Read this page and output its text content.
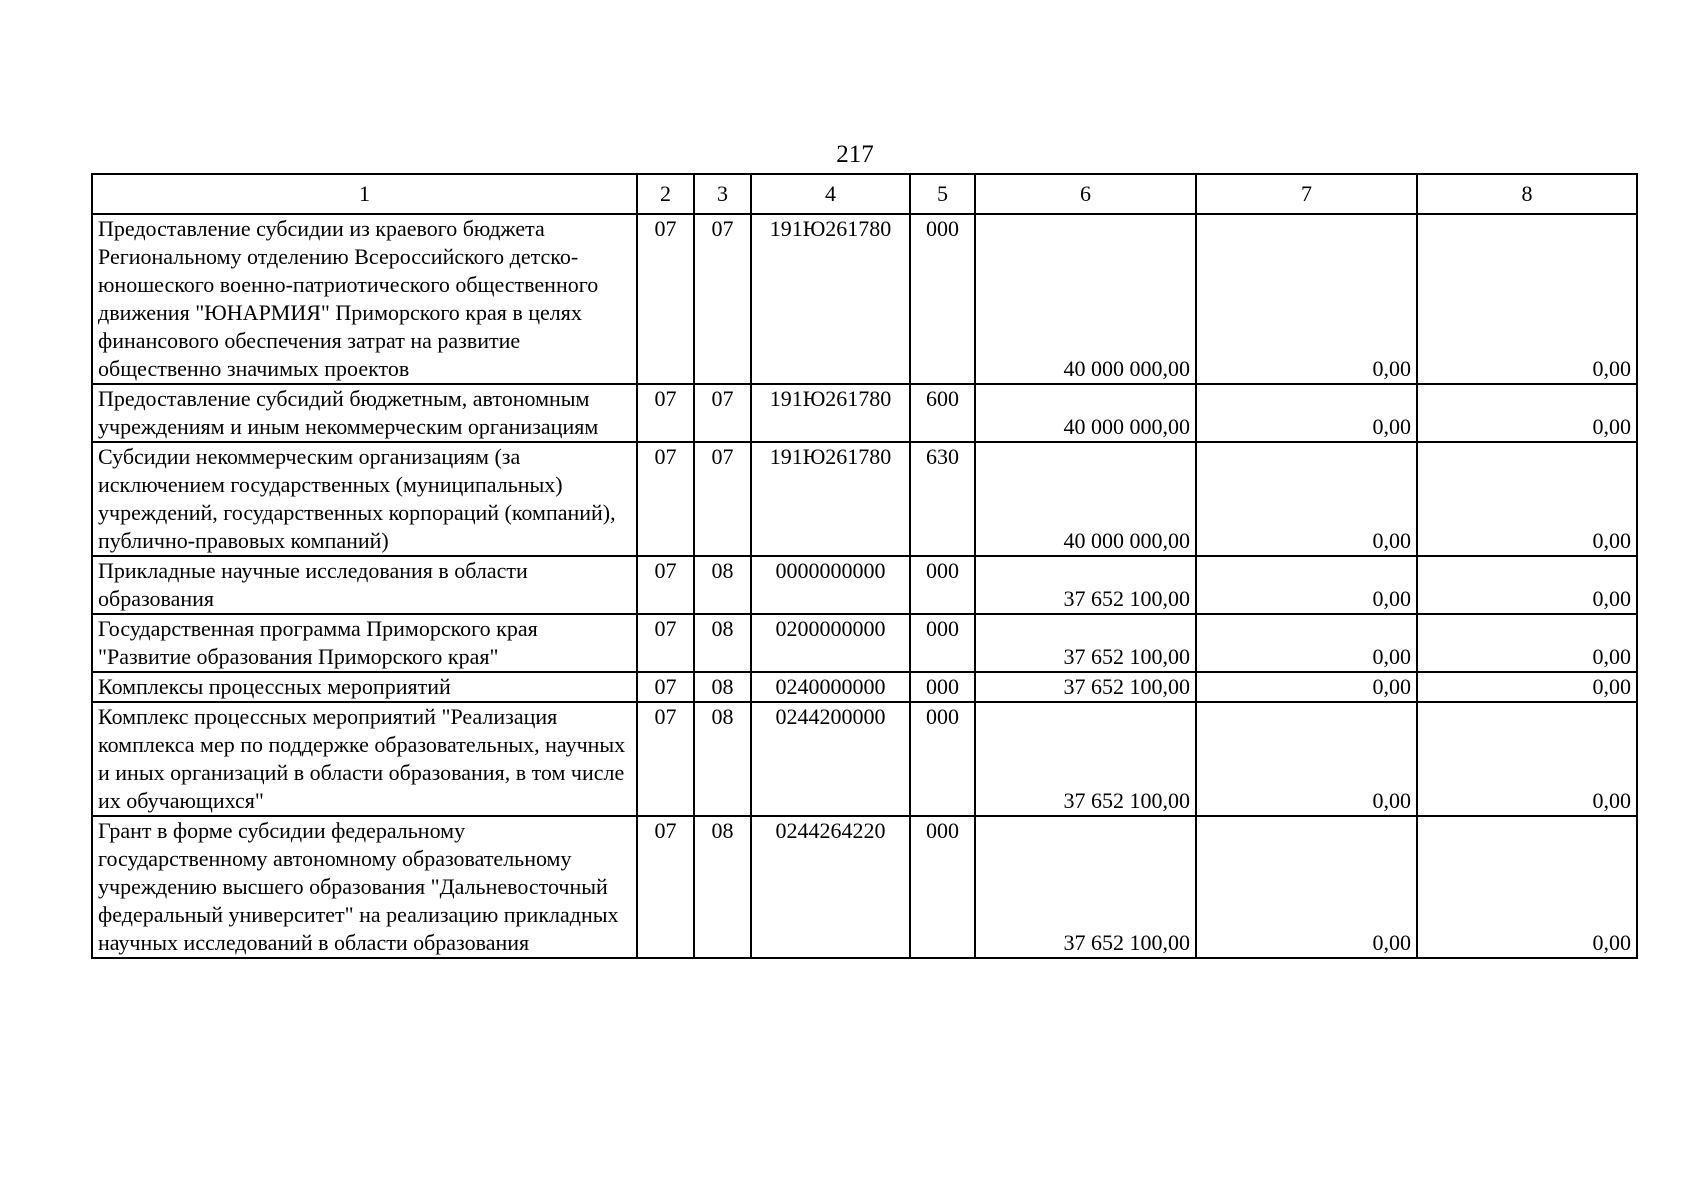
217
1	2	3	4	5	6	7	8
Предоставление субсидии из краевого бюджета Региональному отделению Всероссийского детско-юношеского военно-патриотического общественного движения "ЮНАРМИЯ" Приморского края в целях финансового обеспечения затрат на развитие общественно значимых проектов	07	07	191Ю261780	000	40 000 000,00	0,00	0,00
Предоставление субсидий бюджетным, автономным учреждениям и иным некоммерческим организациям	07	07	191Ю261780	600	40 000 000,00	0,00	0,00
Субсидии некоммерческим организациям (за исключением государственных (муниципальных) учреждений, государственных корпораций (компаний), публично-правовых компаний)	07	07	191Ю261780	630	40 000 000,00	0,00	0,00
Прикладные научные исследования в области образования	07	08	0000000000	000	37 652 100,00	0,00	0,00
Государственная программа Приморского края "Развитие образования Приморского края"	07	08	0200000000	000	37 652 100,00	0,00	0,00
Комплексы процессных мероприятий	07	08	0240000000	000	37 652 100,00	0,00	0,00
Комплекс процессных мероприятий "Реализация комплекса мер по поддержке образовательных, научных и иных организаций в области образования, в том числе их обучающихся"	07	08	0244200000	000	37 652 100,00	0,00	0,00
Грант в форме субсидии федеральному государственному автономному образовательному учреждению высшего образования "Дальневосточный федеральный университет" на реализацию прикладных научных исследований в области образования	07	08	0244264220	000	37 652 100,00	0,00	0,00
